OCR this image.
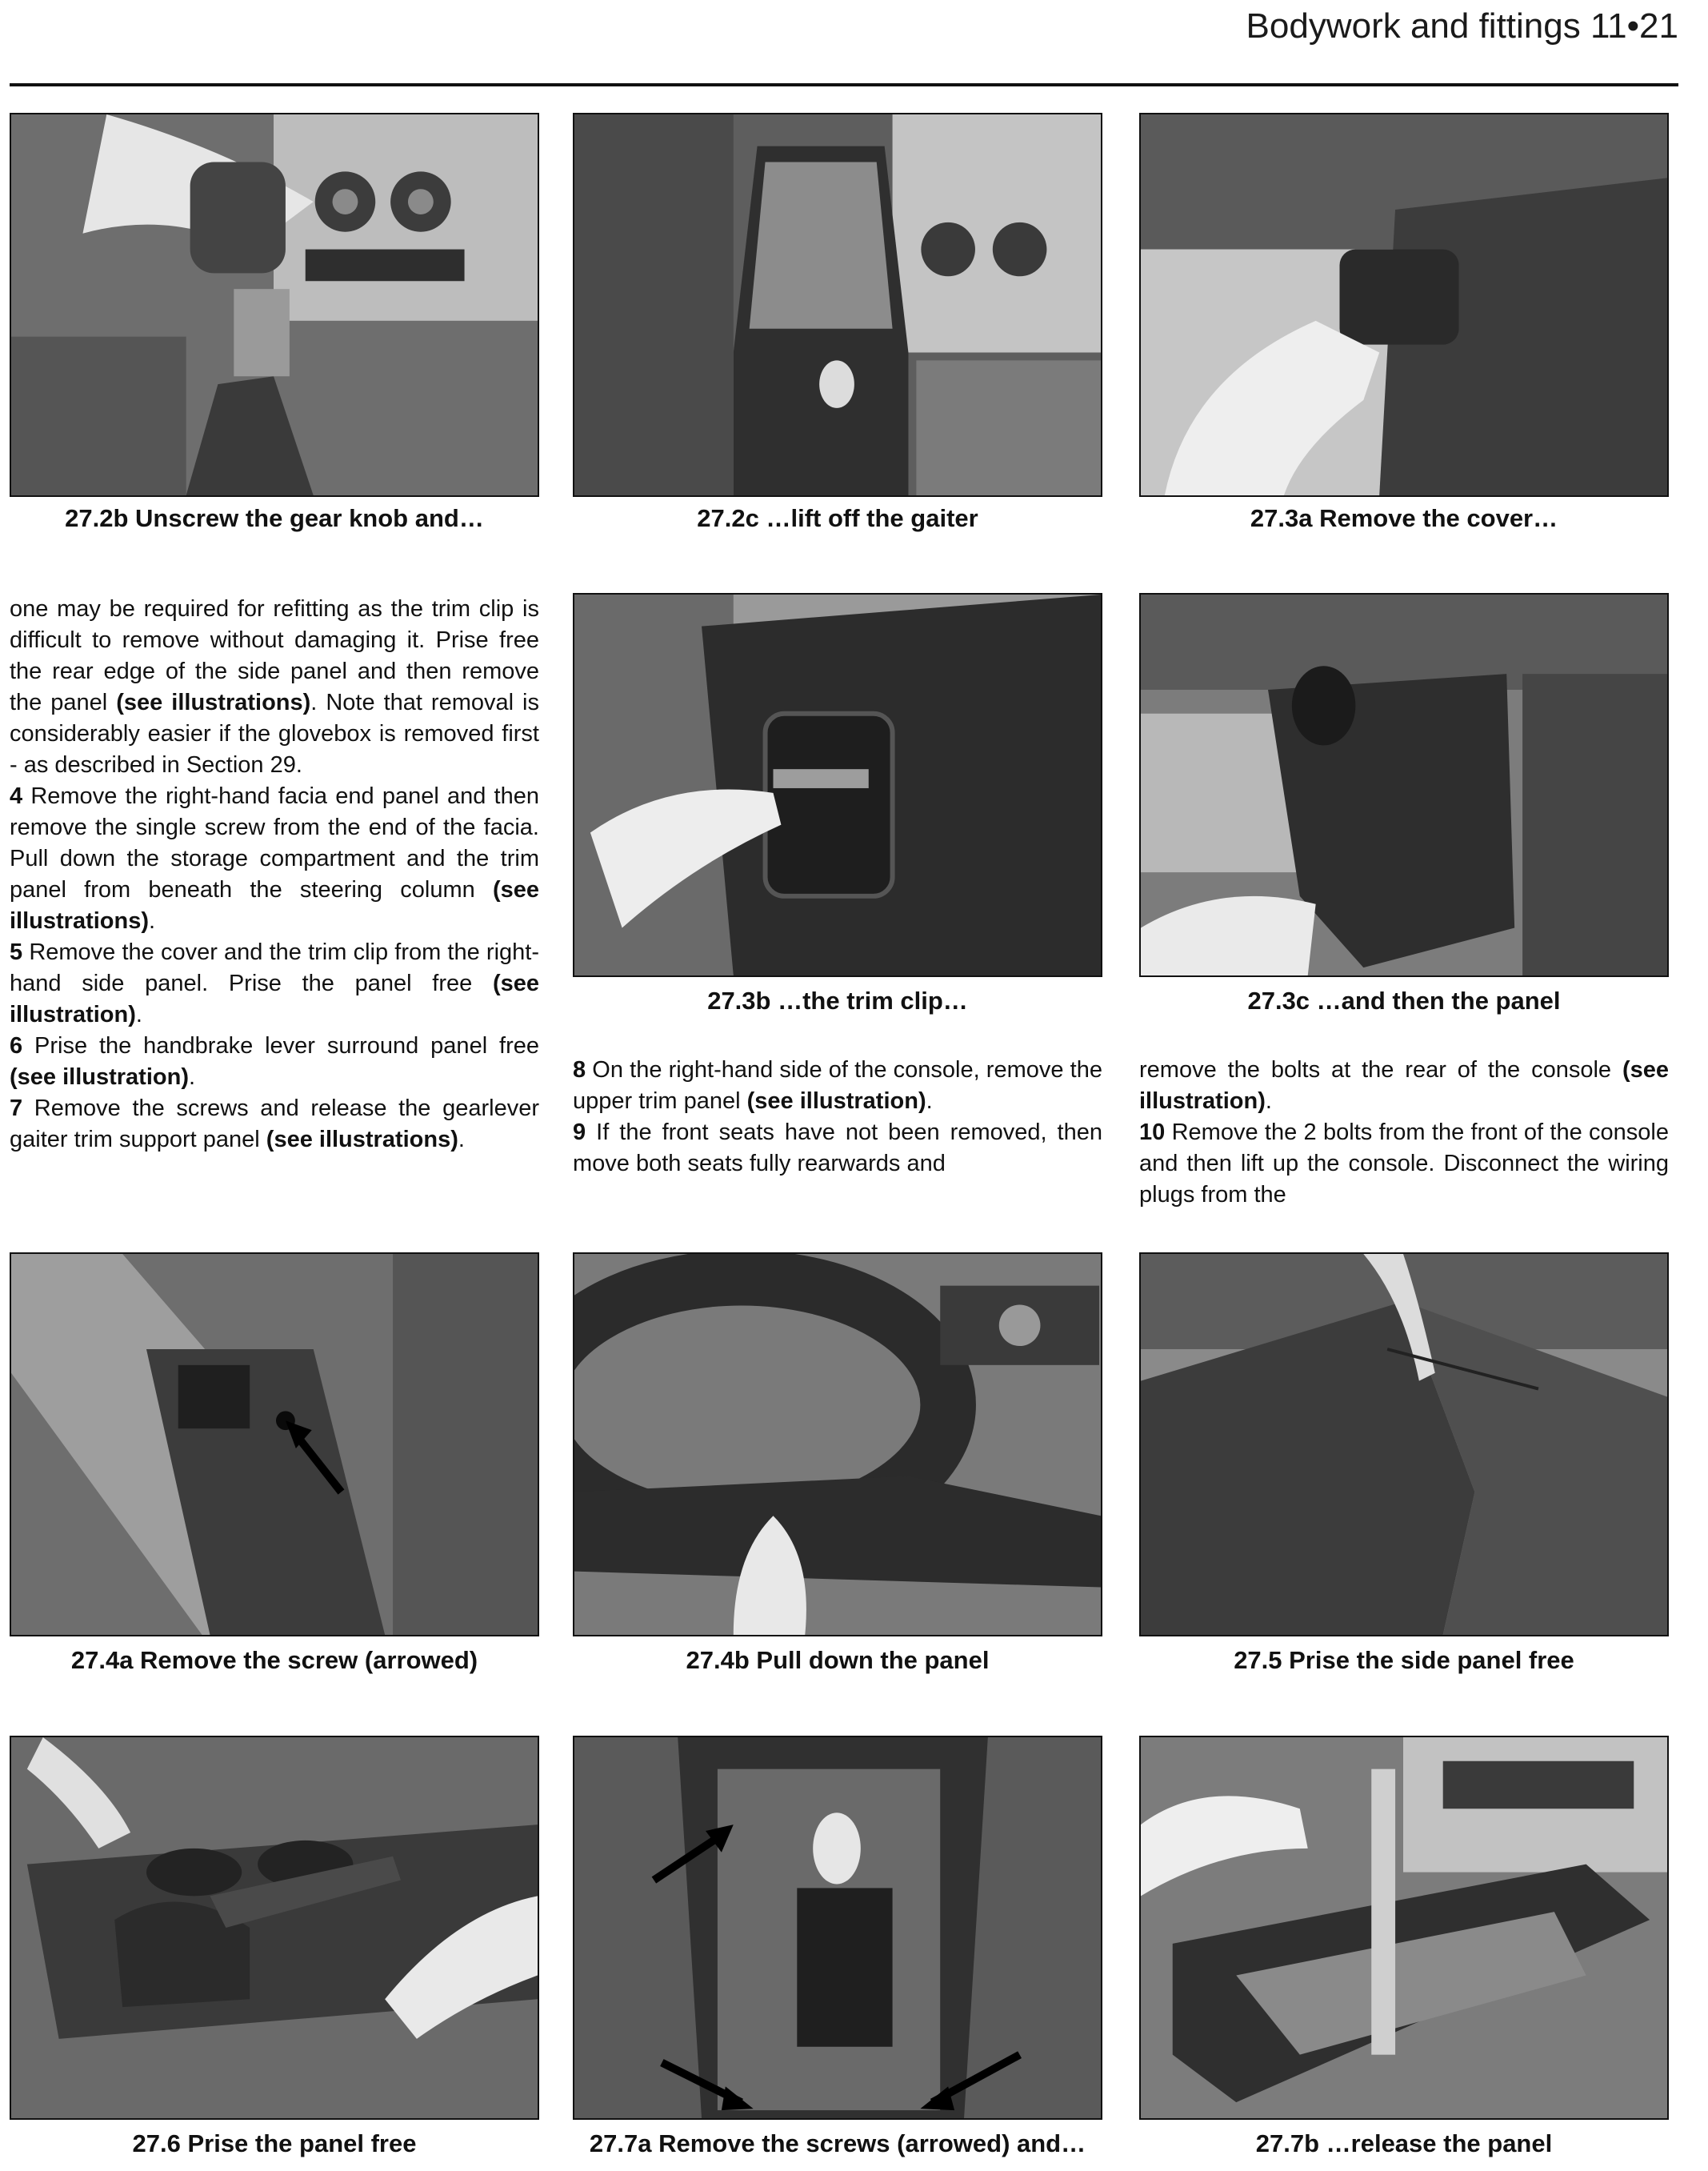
Bodywork and fittings 11•21
27.2b Unscrew the gear knob and…	27.2c …lift off the gaiter	27.3a Remove the cover…

one may be required for refitting as the trim clip is difficult to remove without damaging it. Prise free the rear edge of the side panel and then remove the panel (see illustrations). Note that removal is considerably easier if the glovebox is removed first - as described in Section 29.

4 Remove the right-hand facia end panel and then remove the single screw from the end of the facia. Pull down the storage compartment and the trim panel from beneath the steering column (see illustrations).

5 Remove the cover and the trim clip from the right-hand side panel. Prise the panel free (see illustration).

6 Prise the handbrake lever surround panel free (see illustration).

7 Remove the screws and release the gearlever gaiter trim support panel (see illustrations).

27.3b …the trim clip…	27.3c …and then the panel

8 On the right-hand side of the console, remove the upper trim panel (see illustration).

9 If the front seats have not been removed, then move both seats fully rearwards and

remove the bolts at the rear of the console (see illustration).

10 Remove the 2 bolts from the front of the console and then lift up the console. Disconnect the wiring plugs from the

27.4a Remove the screw (arrowed)	27.4b Pull down the panel	27.5 Prise the side panel free
27.6 Prise the panel free	27.7a Remove the screws (arrowed) and…	27.7b …release the panel
